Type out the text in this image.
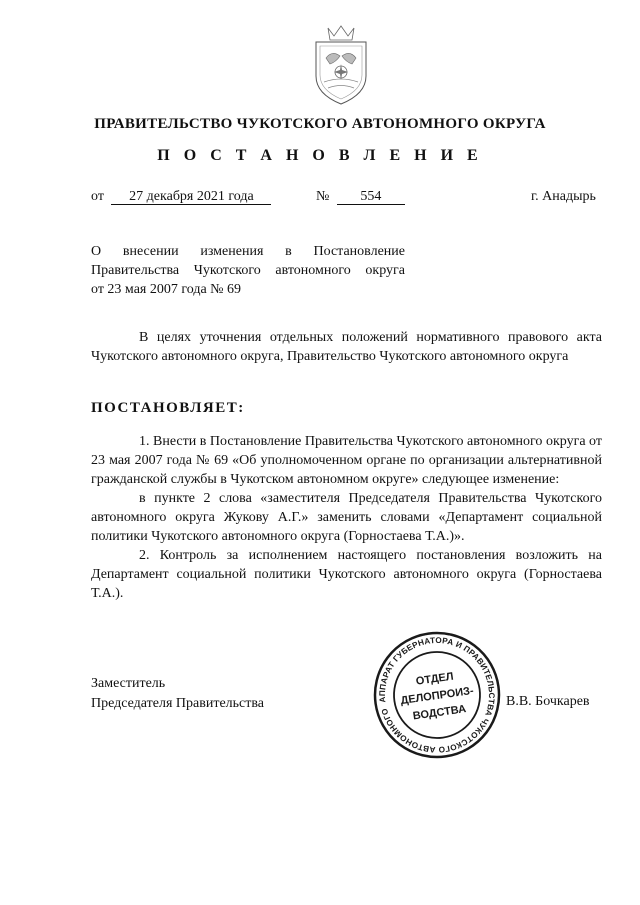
ПРАВИТЕЛЬСТВО ЧУКОТСКОГО АВТОНОМНОГО ОКРУГА
П О С Т А Н О В Л Е Н И Е
от 27 декабря 2021 года	№ 554	г. Анадырь
О внесении изменения в Постановление
Правительства Чукотского автономного округа
от 23 мая 2007 года № 69

В целях уточнения отдельных положений нормативного правового акта Чукотского автономного округа, Правительство Чукотского автономного округа

ПОСТАНОВЛЯЕТ:

1. Внести в Постановление Правительства Чукотского автономного округа от 23 мая 2007 года № 69 «Об уполномоченном органе по организации альтернативной гражданской службы в Чукотском автономном округе» следующее изменение:

в пункте 2 слова «заместителя Председателя Правительства Чукотского автономного округа Жукову А.Г.» заменить словами «Департамент социальной политики Чукотского автономного округа (Горностаева Т.А.)».

2. Контроль за исполнением настоящего постановления возложить на Департамент социальной политики Чукотского автономного округа (Горностаева Т.А.).

Заместитель
Председателя Правительства	В.В. Бочкарев
АППАРАТ ГУБЕРНАТОРА И ПРАВИТЕЛЬСТВА ЧУКОТСКОГО АВТОНОМНОГО ОКРУГА
ОТДЕЛ
ДЕЛОПРОИЗ-
ВОДСТВА
